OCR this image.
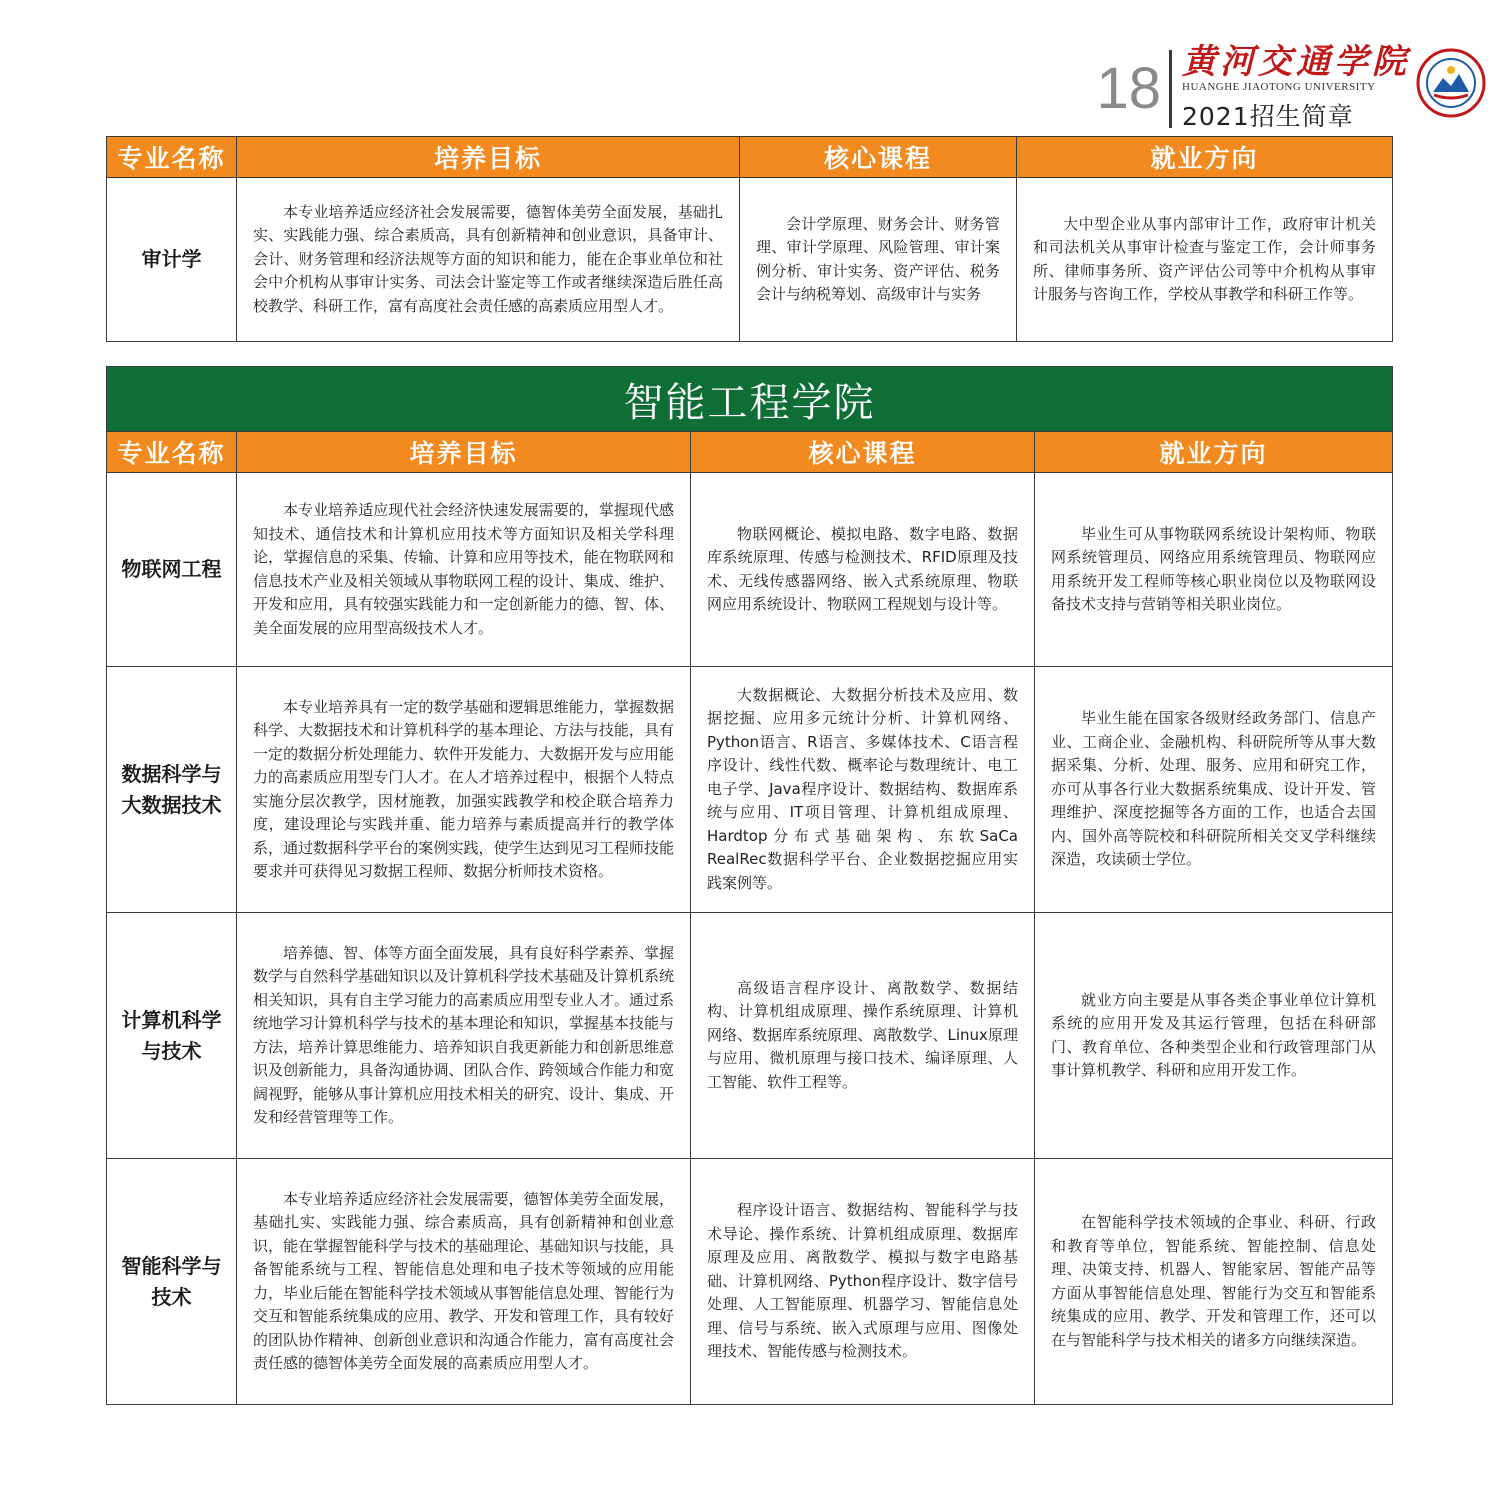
18 黄河交通学院
HUANGHE JIAOTONG UNIVERSITY
2021招生简章
专业名称	培养目标	核心课程	就业方向
审计学	本专业培养适应经济社会发展需要，德智体美劳全面发展，基础扎实、实践能力强、综合素质高，具有创新精神和创业意识，具备审计、会计、财务管理和经济法规等方面的知识和能力，能在企事业单位和社会中介机构从事审计实务、司法会计鉴定等工作或者继续深造后胜任高校教学、科研工作，富有高度社会责任感的高素质应用型人才。	会计学原理、财务会计、财务管理、审计学原理、风险管理、审计案例分析、审计实务、资产评估、税务会计与纳税筹划、高级审计与实务	大中型企业从事内部审计工作，政府审计机关和司法机关从事审计检查与鉴定工作，会计师事务所、律师事务所、资产评估公司等中介机构从事审计服务与咨询工作，学校从事教学和科研工作等。
智能工程学院			
专业名称	培养目标	核心课程	就业方向
物联网工程	本专业培养适应现代社会经济快速发展需要的，掌握现代感知技术、通信技术和计算机应用技术等方面知识及相关学科理论，掌握信息的采集、传输、计算和应用等技术，能在物联网和信息技术产业及相关领域从事物联网工程的设计、集成、维护、开发和应用，具有较强实践能力和一定创新能力的德、智、体、美全面发展的应用型高级技术人才。	物联网概论、模拟电路、数字电路、数据库系统原理、传感与检测技术、RFID原理及技术、无线传感器网络、嵌入式系统原理、物联网应用系统设计、物联网工程规划与设计等。	毕业生可从事物联网系统设计架构师、物联网系统管理员、网络应用系统管理员、物联网应用系统开发工程师等核心职业岗位以及物联网设备技术支持与营销等相关职业岗位。
数据科学与
大数据技术	本专业培养具有一定的数学基础和逻辑思维能力，掌握数据科学、大数据技术和计算机科学的基本理论、方法与技能，具有一定的数据分析处理能力、软件开发能力、大数据开发与应用能力的高素质应用型专门人才。在人才培养过程中，根据个人特点实施分层次教学，因材施教，加强实践教学和校企联合培养力度，建设理论与实践并重、能力培养与素质提高并行的教学体系，通过数据科学平台的案例实践，使学生达到见习工程师技能要求并可获得见习数据工程师、数据分析师技术资格。	大数据概论、大数据分析技术及应用、数据挖掘、应用多元统计分析、计算机网络、Python语言、R语言、多媒体技术、C语言程序设计、线性代数、概率论与数理统计、电工电子学、Java程序设计、数据结构、数据库系统与应用、IT项目管理、计算机组成原理、Hardtop分布式基础架构、东软SaCa RealRec数据科学平台、企业数据挖掘应用实践案例等。	毕业生能在国家各级财经政务部门、信息产业、工商企业、金融机构、科研院所等从事大数据采集、分析、处理、服务、应用和研究工作，亦可从事各行业大数据系统集成、设计开发、管理维护、深度挖掘等各方面的工作，也适合去国内、国外高等院校和科研院所相关交叉学科继续深造，攻读硕士学位。
计算机科学
与技术	培养德、智、体等方面全面发展，具有良好科学素养、掌握数学与自然科学基础知识以及计算机科学技术基础及计算机系统相关知识，具有自主学习能力的高素质应用型专业人才。通过系统地学习计算机科学与技术的基本理论和知识，掌握基本技能与方法，培养计算思维能力、培养知识自我更新能力和创新思维意识及创新能力，具备沟通协调、团队合作、跨领域合作能力和宽阔视野，能够从事计算机应用技术相关的研究、设计、集成、开发和经营管理等工作。	高级语言程序设计、离散数学、数据结构、计算机组成原理、操作系统原理、计算机网络、数据库系统原理、离散数学、Linux原理与应用、微机原理与接口技术、编译原理、人工智能、软件工程等。	就业方向主要是从事各类企事业单位计算机系统的应用开发及其运行管理，包括在科研部门、教育单位、各种类型企业和行政管理部门从事计算机教学、科研和应用开发工作。
智能科学与
技术	本专业培养适应经济社会发展需要，德智体美劳全面发展，基础扎实、实践能力强、综合素质高，具有创新精神和创业意识，能在掌握智能科学与技术的基础理论、基础知识与技能，具备智能系统与工程、智能信息处理和电子技术等领域的应用能力，毕业后能在智能科学技术领域从事智能信息处理、智能行为交互和智能系统集成的应用、教学、开发和管理工作，具有较好的团队协作精神、创新创业意识和沟通合作能力，富有高度社会责任感的德智体美劳全面发展的高素质应用型人才。	程序设计语言、数据结构、智能科学与技术导论、操作系统、计算机组成原理、数据库原理及应用、离散数学、模拟与数字电路基础、计算机网络、Python程序设计、数字信号处理、人工智能原理、机器学习、智能信息处理、信号与系统、嵌入式原理与应用、图像处理技术、智能传感与检测技术。	在智能科学技术领域的企事业、科研、行政和教育等单位，智能系统、智能控制、信息处理、决策支持、机器人、智能家居、智能产品等方面从事智能信息处理、智能行为交互和智能系统集成的应用、教学、开发和管理工作，还可以在与智能科学与技术相关的诸多方向继续深造。
